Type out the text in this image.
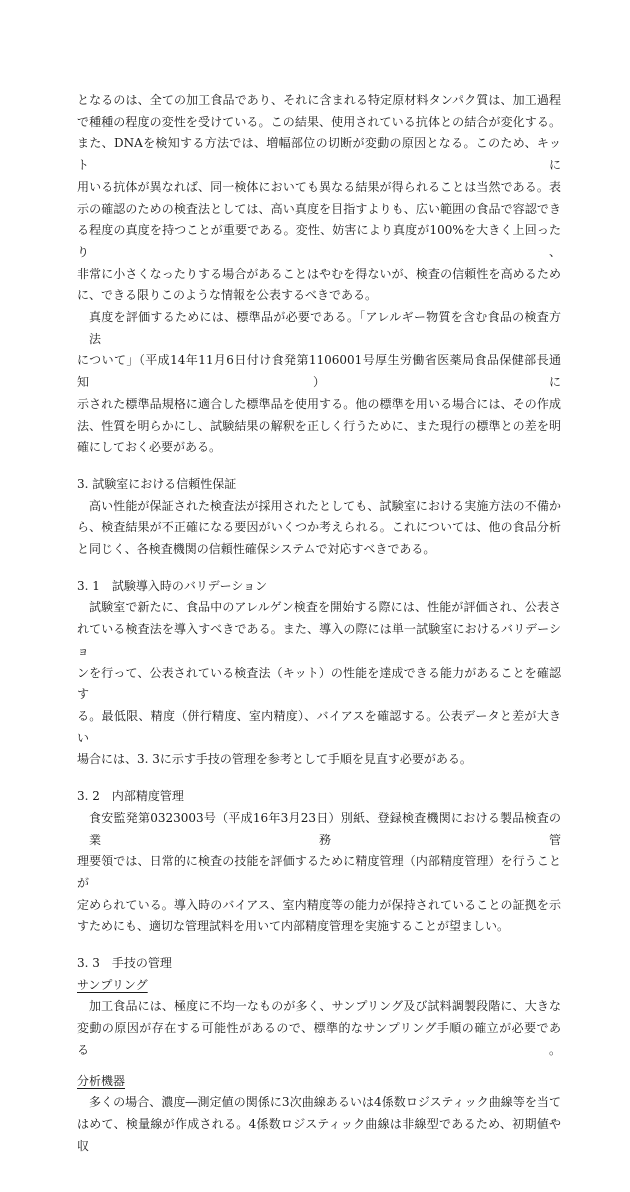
となるのは、全ての加工食品であり、それに含まれる特定原材料タンパク質は、加工過程
で種種の程度の変性を受けている。この結果、使用されている抗体との結合が変化する。
また、DNAを検知する方法では、増幅部位の切断が変動の原因となる。このため、キットに
用いる抗体が異なれば、同一検体においても異なる結果が得られることは当然である。表
示の確認のための検査法としては、高い真度を目指すよりも、広い範囲の食品で容認でき
る程度の真度を持つことが重要である。変性、妨害により真度が100%を大きく上回ったり、
非常に小さくなったりする場合があることはやむを得ないが、検査の信頼性を高めるため
に、できる限りこのような情報を公表するべきである。
真度を評価するためには、標準品が必要である。「アレルギー物質を含む食品の検査方法
について」（平成14年11月6日付け食発第1106001号厚生労働省医薬局食品保健部長通知）に
示された標準品規格に適合した標準品を使用する。他の標準を用いる場合には、その作成
法、性質を明らかにし、試験結果の解釈を正しく行うために、また現行の標準との差を明
確にしておく必要がある。
3. 試験室における信頼性保証
高い性能が保証された検査法が採用されたとしても、試験室における実施方法の不備か
ら、検査結果が不正確になる要因がいくつか考えられる。これについては、他の食品分析
と同じく、各検査機関の信頼性確保システムで対応すべきである。
3. 1　試験導入時のバリデーション
試験室で新たに、食品中のアレルゲン検査を開始する際には、性能が評価され、公表さ
れている検査法を導入すべきである。また、導入の際には単一試験室におけるバリデーショ
ンを行って、公表されている検査法（キット）の性能を達成できる能力があることを確認す
る。最低限、精度（併行精度、室内精度）、バイアスを確認する。公表データと差が大きい
場合には、3. 3に示す手技の管理を参考として手順を見直す必要がある。
3. 2　内部精度管理
食安監発第0323003号（平成16年3月23日）別紙、登録検査機関における製品検査の業務管
理要領では、日常的に検査の技能を評価するために精度管理（内部精度管理）を行うことが
定められている。導入時のバイアス、室内精度等の能力が保持されていることの証拠を示
すためにも、適切な管理試料を用いて内部精度管理を実施することが望ましい。
3. 3　手技の管理
サンプリング
加工食品には、極度に不均一なものが多く、サンプリング及び試料調製段階に、大きな
変動の原因が存在する可能性があるので、標準的なサンプリング手順の確立が必要である。
分析機器
多くの場合、濃度―測定値の関係に3次曲線あるいは4係数ロジスティック曲線等を当て
はめて、検量線が作成される。4係数ロジスティック曲線は非線型であるため、初期値や収
